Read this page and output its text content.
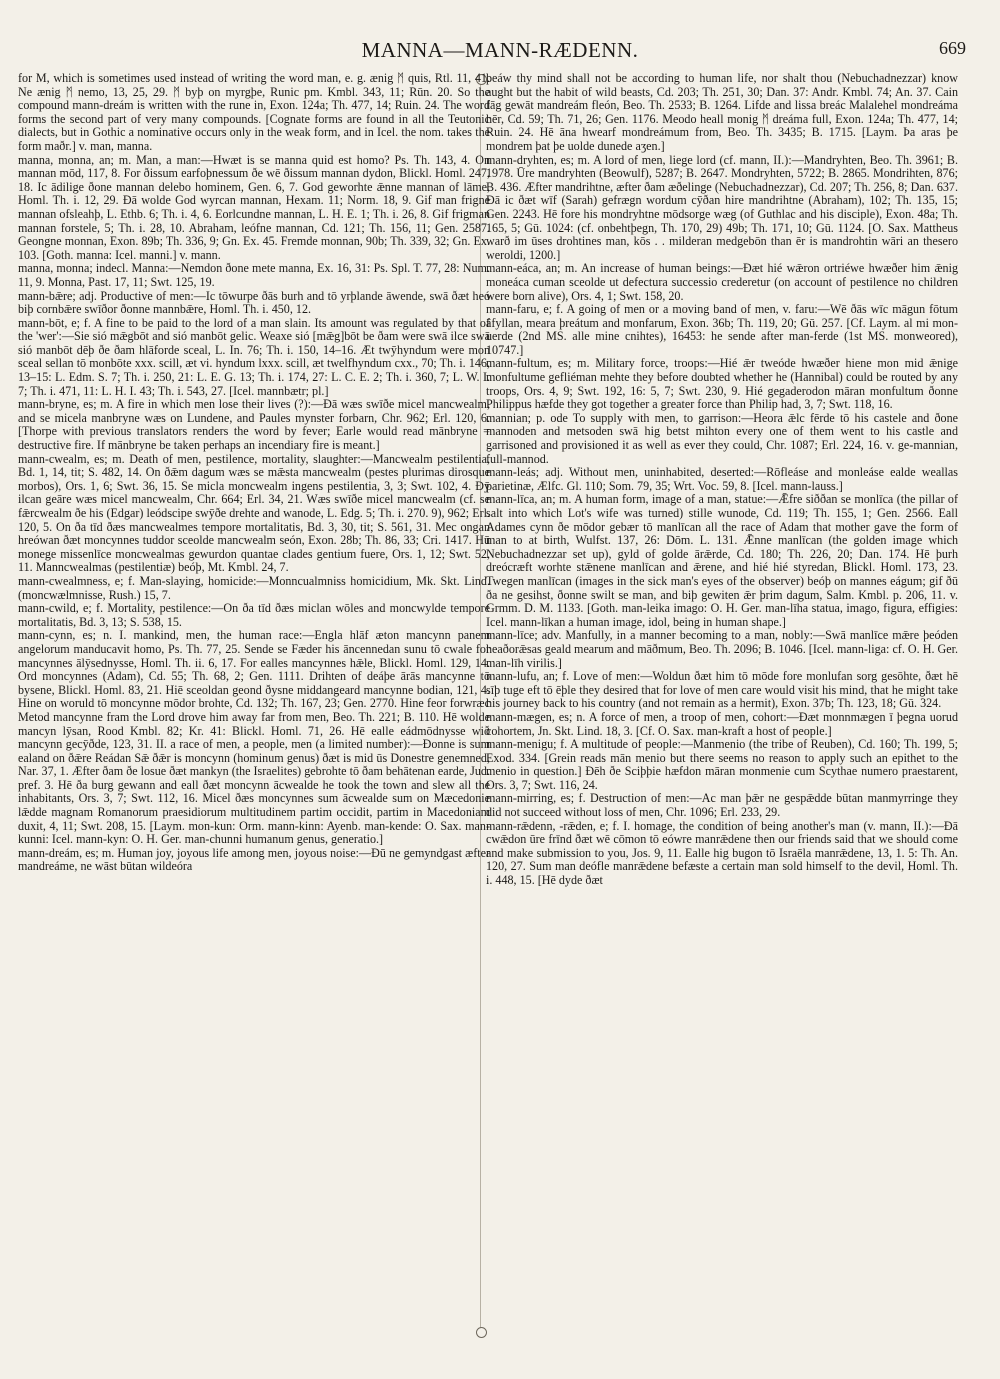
MANNA—MANN-RÆDENN.	669

for M, which is sometimes used instead of writing the word man, e. g. ænig ᛗ quis, Rtl. 11, 41. Ne ænig ᛗ nemo, 13, 25, 29. ᛗ byþ on myrgþe, Runic pm. Kmbl. 343, 11; Rūn. 20. So the compound mann-dreám is written with the rune in, Exon. 124a; Th. 477, 14; Ruin. 24. The word forms the second part of very many compounds. [Cognate forms are found in all the Teutonic dialects, but in Gothic a nominative occurs only in the weak form, and in Icel. the nom. takes the form maðr.] v. man, manna.

manna, monna, an; m. Man, a man:—Hwæt is se manna quid est homo? Ps. Th. 143, 4. On mannan mōd, 117, 8. For ðissum earfoþnessum ðe wē ðissum mannan dydon, Blickl. Homl. 247, 18. Ic ādilige ðone mannan delebo hominem, Gen. 6, 7. God geworhte ǣnne mannan of lāme, Homl. Th. i. 12, 29. Ðā wolde God wyrcan mannan, Hexam. 11; Norm. 18, 9. Gif man frigne mannan ofsleahþ, L. Ethb. 6; Th. i. 4, 6. Eorlcundne mannan, L. H. E. 1; Th. i. 26, 8. Gif frigman mannan forstele, 5; Th. i. 28, 10. Abraham, leófne mannan, Cd. 121; Th. 156, 11; Gen. 2587. Geongne monnan, Exon. 89b; Th. 336, 9; Gn. Ex. 45. Fremde monnan, 90b; Th. 339, 32; Gn. Ex. 103. [Goth. manna: Icel. manni.] v. mann.

manna, monna; indecl. Manna:—Nemdon ðone mete manna, Ex. 16, 31: Ps. Spl. T. 77, 28: Num. 11, 9. Monna, Past. 17, 11; Swt. 125, 19.

mann-bǣre; adj. Productive of men:—Ic tōwurpe ðās burh and tō yrþlande āwende, swā ðæt heó biþ cornbǣre swīðor ðonne mannbǣre, Homl. Th. i. 450, 12.

mann-bōt, e; f. A fine to be paid to the lord of a man slain. Its amount was regulated by that of the 'wer':—Sie sió mǣgbōt and sió manbōt gelic. Weaxe sió [mǣg]bōt be ðam were swā ilce swā sió manbōt dēþ ðe ðam hlāforde sceal, L. In. 76; Th. i. 150, 14–16. Æt twȳhyndum were mon sceal sellan tō monbōte xxx. scill, æt vi. hyndum lxxx. scill, æt twelfhyndum cxx., 70; Th. i. 146, 13–15: L. Edm. S. 7; Th. i. 250, 21: L. E. G. 13; Th. i. 174, 27: L. C. E. 2; Th. i. 360, 7; L. W. I. 7; Th. i. 471, 11: L. H. I. 43; Th. i. 543, 27. [Icel. mannbætr; pl.]

mann-bryne, es; m. A fire in which men lose their lives (?):—Ðā wæs swīðe micel mancwealm, and se micela manbryne wæs on Lundene, and Paules mynster forbarn, Chr. 962; Erl. 120, 6. [Thorpe with previous translators renders the word by fever; Earle would read mānbryne = destructive fire. If mānbryne be taken perhaps an incendiary fire is meant.]

mann-cwealm, es; m. Death of men, pestilence, mortality, slaughter:—Mancwealm pestilentia, Bd. 1, 14, tit; S. 482, 14. On ðǣm dagum wæs se mǣsta mancwealm (pestes plurimas dirosque morbos), Ors. 1, 6; Swt. 36, 15. Se micla moncwealm ingens pestilentia, 3, 3; Swt. 102, 4. Ðȳ ilcan geāre wæs micel mancwealm, Chr. 664; Erl. 34, 21. Wæs swīðe micel mancwealm (cf. se fǣrcwealm ðe his (Edgar) leódscipe swȳðe drehte and wanode, L. Edg. 5; Th. i. 270. 9), 962; Erl. 120, 5. On ða tīd ðæs mancwealmes tempore mortalitatis, Bd. 3, 30, tit; S. 561, 31. Mec ongan hreówan ðæt moncynnes tuddor sceolde mancwealm seón, Exon. 28b; Th. 86, 33; Cri. 1417. Hū monege missenlīce moncwealmas gewurdon quantae clades gentium fuere, Ors. 1, 12; Swt. 52, 11. Manncwealmas (pestilentiæ) beóþ, Mt. Kmbl. 24, 7.

mann-cwealmness, e; f. Man-slaying, homicide:—Monncualmniss homicidium, Mk. Skt. Lind. (moncwælmnisse, Rush.) 15, 7.

mann-cwild, e; f. Mortality, pestilence:—On ða tīd ðæs miclan wōles and moncwylde tempore mortalitatis, Bd. 3, 13; S. 538, 15.

mann-cynn, es; n. I. mankind, men, the human race:—Engla hlāf æton mancynn panem angelorum manducavit homo, Ps. Th. 77, 25. Sende se Fæder his āncennedan sunu tō cwale for mancynnes ālȳsednysse, Homl. Th. ii. 6, 17. For ealles mancynnes hǣle, Blickl. Homl. 129, 14. Ord moncynnes (Adam), Cd. 55; Th. 68, 2; Gen. 1111. Drihten of deáþe ārās mancynne tō bysene, Blickl. Homl. 83, 21. Hiē sceoldan geond ðysne middangeard mancynne bodian, 121, 4. Hine on woruld tō moncynne mōdor brohte, Cd. 132; Th. 167, 23; Gen. 2770. Hine feor forwræc Metod mancynne fram the Lord drove him away far from men, Beo. Th. 221; B. 110. Hē wolde mancyn lȳsan, Rood Kmbl. 82; Kr. 41: Blickl. Homl. 71, 26. Hē ealle eádmōdnysse wið mancynn gecȳðde, 123, 31. II. a race of men, a people, men (a limited number):—Ðonne is sum ealand on ðǣre Reádan Sǣ ðǣr is moncynn (hominum genus) ðæt is mid ūs Donestre genemned, Nar. 37, 1. Æfter ðam ðe losue ðæt mankyn (the Israelites) gebrohte tō ðam behātenan earde, Jud. pref. 3. Hē ða burg gewann and eall ðæt moncynn ācwealde he took the town and slew all the inhabitants, Ors. 3, 7; Swt. 112, 16. Micel ðæs moncynnes sum ācwealde sum on Mæcedonie lǣdde magnam Romanorum praesidiorum multitudinem partim occidit, partim in Macedoniam duxit, 4, 11; Swt. 208, 15. [Laym. mon-kun: Orm. mann-kinn: Ayenb. man-kende: O. Sax. man-kunni: Icel. mann-kyn: O. H. Ger. man-chunni humanum genus, generatio.]

mann-dreám, es; m. Human joy, joyous life among men, joyous noise:—Ðū ne gemyndgast æfter mandreáme, ne wāst būtan wildeóra

þeáw thy mind shall not be according to human life, nor shalt thou (Nebuchadnezzar) know aught but the habit of wild beasts, Cd. 203; Th. 251, 30; Dan. 37: Andr. Kmbl. 74; An. 37. Cain fāg gewāt mandreám fleón, Beo. Th. 2533; B. 1264. Lifde and lissa breác Malalehel mondreáma hēr, Cd. 59; Th. 71, 26; Gen. 1176. Meodo heall monig ᛗ dreáma full, Exon. 124a; Th. 477, 14; Ruin. 24. Hē āna hwearf mondreámum from, Beo. Th. 3435; B. 1715. [Laym. Þa aras þe mondrem þat þe uolde dunede aʒen.]

mann-dryhten, es; m. A lord of men, liege lord (cf. mann, II.):—Mandryhten, Beo. Th. 3961; B. 1978. Ūre mandryhten (Beowulf), 5287; B. 2647. Mondryhten, 5722; B. 2865. Mondrihten, 876; B. 436. Æfter mandrihtne, æfter ðam æðelinge (Nebuchadnezzar), Cd. 207; Th. 256, 8; Dan. 637. Ðā ic ðæt wīf (Sarah) gefrægn wordum cȳðan hire mandrihtne (Abraham), 102; Th. 135, 15; Gen. 2243. Hē fore his mondryhtne mōdsorge wæg (of Guthlac and his disciple), Exon. 48a; Th. 165, 5; Gū. 1024: (cf. onbehtþegn, Th. 170, 29) 49b; Th. 171, 10; Gū. 1124. [O. Sax. Mattheus warð im ūses drohtines man, kōs . . milderan medgebōn than ēr is mandrohtin wāri an thesero weroldi, 1200.]

mann-eáca, an; m. An increase of human beings:—Ðæt hié wǣron ortriéwe hwæðer him ǣnig moneáca cuman sceolde ut defectura successio crederetur (on account of pestilence no children were born alive), Ors. 4, 1; Swt. 158, 20.

mann-faru, e; f. A going of men or a moving band of men, v. faru:—Wē ðās wīc māgun fōtum āfyllan, meara þreátum and monfarum, Exon. 36b; Th. 119, 20; Gū. 257. [Cf. Laym. al mi mon-uerde (2nd MS. alle mine cnihtes), 16453: he sende after man-ferde (1st MS. monweored), 10747.]

mann-fultum, es; m. Military force, troops:—Hié ǣr tweóde hwæðer hiene mon mid ǣnige monfultume gefliéman mehte they before doubted whether he (Hannibal) could be routed by any troops, Ors. 4, 9; Swt. 192, 16: 5, 7; Swt. 230, 9. Hié gegaderodon māran monfultum ðonne Philippus hæfde they got together a greater force than Philip had, 3, 7; Swt. 118, 16.

mannian; p. ode To supply with men, to garrison:—Heora ǣlc fērde tō his castele and ðone mannoden and metsoden swā hig betst mihton every one of them went to his castle and garrisoned and provisioned it as well as ever they could, Chr. 1087; Erl. 224, 16. v. ge-mannian, full-mannod.

mann-leás; adj. Without men, uninhabited, deserted:—Rōfleáse and monleáse ealde weallas parietinæ, Ælfc. Gl. 110; Som. 79, 35; Wrt. Voc. 59, 8. [Icel. mann-lauss.]

mann-līca, an; m. A human form, image of a man, statue:—Ǣfre siððan se monlīca (the pillar of salt into which Lot's wife was turned) stille wunode, Cd. 119; Th. 155, 1; Gen. 2566. Eall Adames cynn ðe mōdor gebær tō manlīcan all the race of Adam that mother gave the form of man to at birth, Wulfst. 137, 26: Dōm. L. 131. Ǣnne manlīcan (the golden image which Nebuchadnezzar set up), gyld of golde ārǣrde, Cd. 180; Th. 226, 20; Dan. 174. Hē þurh dreócræft worhte stǣnene manlīcan and ǣrene, and hié hié styredan, Blickl. Homl. 173, 23. Twegen manlīcan (images in the sick man's eyes of the observer) beóþ on mannes eágum; gif ðū ða ne gesihst, ðonne swilt se man, and biþ gewiten ǣr þrim dagum, Salm. Kmbl. p. 206, 11. v. Grmm. D. M. 1133. [Goth. man-leika imago: O. H. Ger. man-līha statua, imago, figura, effigies: Icel. mann-līkan a human image, idol, being in human shape.]

mann-līce; adv. Manfully, in a manner becoming to a man, nobly:—Swā manlīce mǣre þeóden heaðorǣsas geald mearum and māðmum, Beo. Th. 2096; B. 1046. [Icel. mann-liga: cf. O. H. Ger. man-līh virilis.]

mann-lufu, an; f. Love of men:—Woldun ðæt him tō mōde fore monlufan sorg gesōhte, ðæt hē sīþ tuge eft tō ēþle they desired that for love of men care would visit his mind, that he might take his journey back to his country (and not remain as a hermit), Exon. 37b; Th. 123, 18; Gū. 324.

mann-mægen, es; n. A force of men, a troop of men, cohort:—Ðæt monnmægen ī þegna uorud cohortem, Jn. Skt. Lind. 18, 3. [Cf. O. Sax. man-kraft a host of people.]

mann-menigu; f. A multitude of people:—Manmenio (the tribe of Reuben), Cd. 160; Th. 199, 5; Exod. 334. [Grein reads mān menio but there seems no reason to apply such an epithet to the menio in question.] Ðēh ðe Sciþþie hæfdon māran monmenie cum Scythae numero praestarent, Ors. 3, 7; Swt. 116, 24.

mann-mirring, es; f. Destruction of men:—Ac man þǣr ne gespǣdde būtan manmyrringe they did not succeed without loss of men, Chr. 1096; Erl. 233, 29.

mann-rǣdenn, -rǣden, e; f. I. homage, the condition of being another's man (v. mann, II.):—Ðā cwǣdon ūre frīnd ðæt wē cōmon tō eówre manrǣdene then our friends said that we should come and make submission to you, Jos. 9, 11. Ealle hig bugon tō Israēla manrǣdene, 13, 1. 5: Th. An. 120, 27. Sum man deófle manrǣdene befæste a certain man sold himself to the devil, Homl. Th. i. 448, 15. [Hē dyde ðæt
